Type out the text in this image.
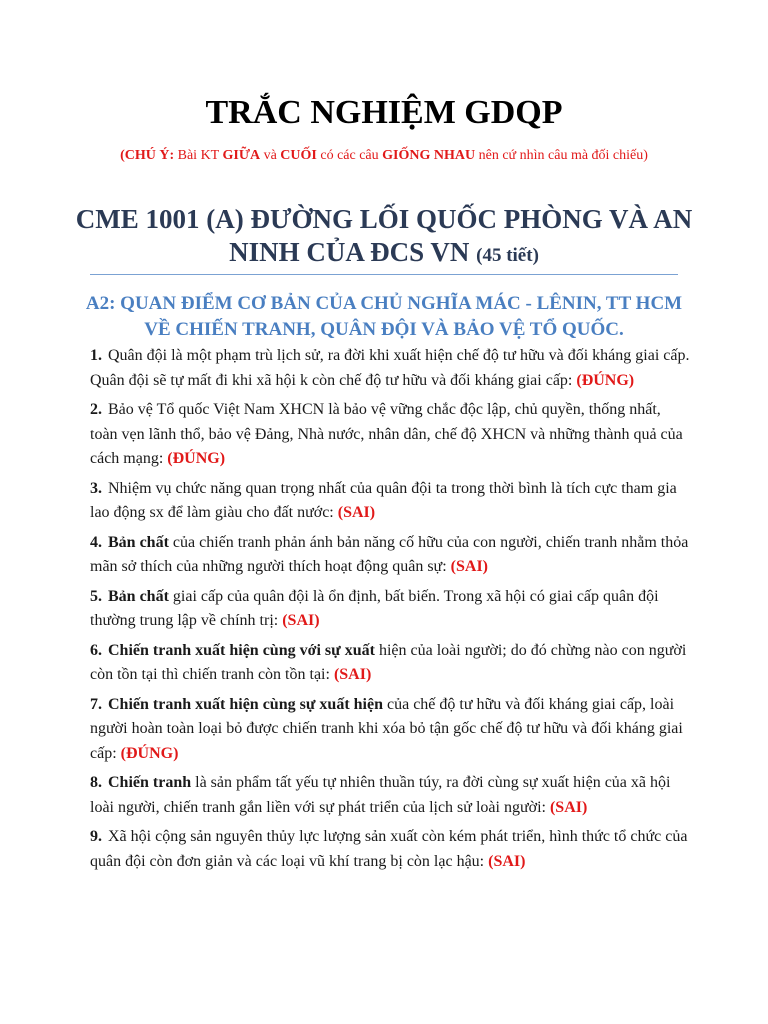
TRẮC NGHIỆM GDQP
(CHÚ Ý: Bài KT GIỮA và CUỐI có các câu GIỐNG NHAU nên cứ nhìn câu mà đối chiếu)
CME 1001 (A) ĐƯỜNG LỐI QUỐC PHÒNG VÀ AN NINH CỦA ĐCS VN (45 tiết)
A2: QUAN ĐIỂM CƠ BẢN CỦA CHỦ NGHĨA MÁC - LÊNIN, TT HCM VỀ CHIẾN TRANH, QUÂN ĐỘI VÀ BẢO VỆ TỔ QUỐC.
1. Quân đội là một phạm trù lịch sử, ra đời khi xuất hiện chế độ tư hữu và đối kháng giai cấp. Quân đội sẽ tự mất đi khi xã hội k còn chế độ tư hữu và đối kháng giai cấp: (ĐÚNG)
2. Bảo vệ Tổ quốc Việt Nam XHCN là bảo vệ vững chắc độc lập, chủ quyền, thống nhất, toàn vẹn lãnh thổ, bảo vệ Đảng, Nhà nước, nhân dân, chế độ XHCN và những thành quả của cách mạng: (ĐÚNG)
3. Nhiệm vụ chức năng quan trọng nhất của quân đội ta trong thời bình là tích cực tham gia lao động sx để làm giàu cho đất nước: (SAI)
4. Bản chất của chiến tranh phản ánh bản năng cố hữu của con người, chiến tranh nhằm thỏa mãn sở thích của những người thích hoạt động quân sự: (SAI)
5. Bản chất giai cấp của quân đội là ổn định, bất biến. Trong xã hội có giai cấp quân đội thường trung lập về chính trị: (SAI)
6. Chiến tranh xuất hiện cùng với sự xuất hiện của loài người; do đó chừng nào con người còn tồn tại thì chiến tranh còn tồn tại: (SAI)
7. Chiến tranh xuất hiện cùng sự xuất hiện của chế độ tư hữu và đối kháng giai cấp, loài người hoàn toàn loại bỏ được chiến tranh khi xóa bỏ tận gốc chế độ tư hữu và đối kháng giai cấp: (ĐÚNG)
8. Chiến tranh là sản phẩm tất yếu tự nhiên thuần túy, ra đời cùng sự xuất hiện của xã hội loài người, chiến tranh gắn liền với sự phát triển của lịch sử loài người: (SAI)
9. Xã hội cộng sản nguyên thủy lực lượng sản xuất còn kém phát triển, hình thức tổ chức của quân đội còn đơn giản và các loại vũ khí trang bị còn lạc hậu: (SAI)
